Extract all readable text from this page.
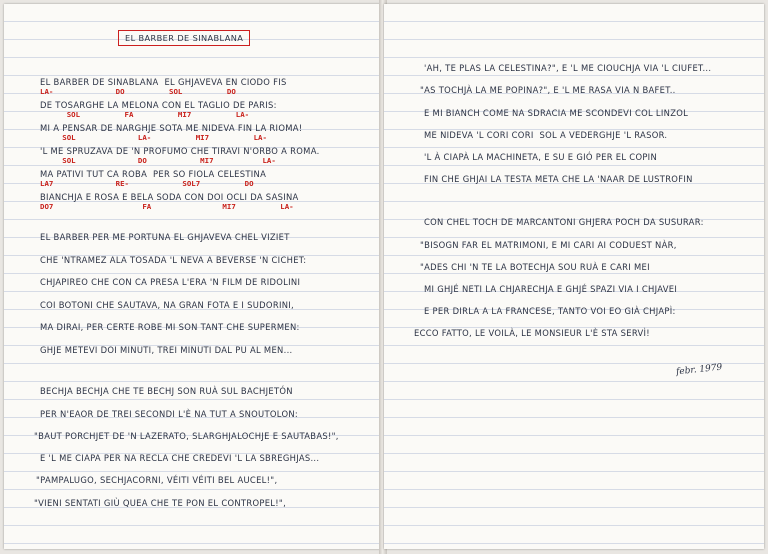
EL BARBER DE SINABLANA
EL BARBER DE SINABLANA  EL GHJAVEVA EN CIODO FIS
LA-              DO          SOL          DO
DE TOSARGHE LA MELONA CON EL TAGLIO DE PARIS:
SOL          FA          MI7          LA-
MI A PENSAR DE NARGHJE SOTA ME NIDEVA FIN LA RIOMA!
SOL              LA-          MI7          LA-
'L ME SPRUZAVA DE 'N PROFUMO CHE TIRAVI N'ORBO A ROMA.
SOL              DO            MI7           LA-
MA PATIVI TUT CA ROBA  PER SO FIOLA CELESTINA
LA7              RE-            SOL7          DO
BIANCHJA E ROSA E BELA SODA CON DOI OCLI DA SASINA
DO7                    FA                MI7          LA-
EL BARBER PER ME PORTUNA EL GHJAVEVA CHEL VIZIET
CHE 'NTRAMEZ ALA TOSADA 'L NEVA A BEVERSE 'N CICHET:
CHJAPIREO CHE CON CA PRESA L'ERA 'N FILM DE RIDOLINI
COI BOTONI CHE SAUTAVA, NA GRAN FOTA E I SUDORINI,
MA DIRAI, PER CERTE ROBE MI SON TANT CHE SUPERMEN:
GHJE METEVI DOI MINUTI, TREI MINUTI DAL PU AL MEN...
BECHJA BECHJA CHE TE BECHJ SON RUÀ SUL BACHJETÓN
PER N'EAOR DE TREI SECONDI L'È NA TUT A SNOUTOLON:
"BAUT PORCHJET DE 'N LAZERATO, SLARGHJALOCHJE E SAUTABAS!",
E 'L ME CIAPA PER NA RECLA CHE CREDEVI 'L LA SBREGHJAS...
"PAMPALUGO, SECHJACORNI, VÉITI VÉITI BEL AUCEL!",
"VIENI SENTATI GIÙ QUEA CHE TE PON EL CONTROPEL!",
'AH, TE PLAS LA CELESTINA?", E 'L ME CIOUCHJA VIA 'L CIUFET...
"AS TOCHJÀ LA ME POPINA?", E 'L ME RASA VIA N BAFET..
E MI BIANCH COME NA SDRACIA ME SCONDEVI COL LINZOL
ME NIDEVA 'L CORI CORI  SOL A VEDERGHJE 'L RASOR.
'L À CIAPÀ LA MACHINETA, E SU E GIÓ PER EL COPIN
FIN CHE GHJAI LA TESTA META CHE LA 'NAAR DE LUSTROFIN
CON CHEL TOCH DE MARCANTONI GHJERA POCH DA SUSURAR:
"BISOGN FAR EL MATRIMONI, E MI CARI AI CODUEST NÀR,
"ADES CHI 'N TE LA BOTECHJA SOU RUÀ E CARI MEI
MI GHJÉ NETI LA CHJARECHJA E GHJÉ SPAZI VIA I CHJAVEI
E PER DIRLA A LA FRANCESE, TANTO VOI EO GIÀ CHJAPÌ:
ECCO FATTO, LE VOILÀ, LE MONSIEUR L'È STA SERVÌ!
febr. 1979
